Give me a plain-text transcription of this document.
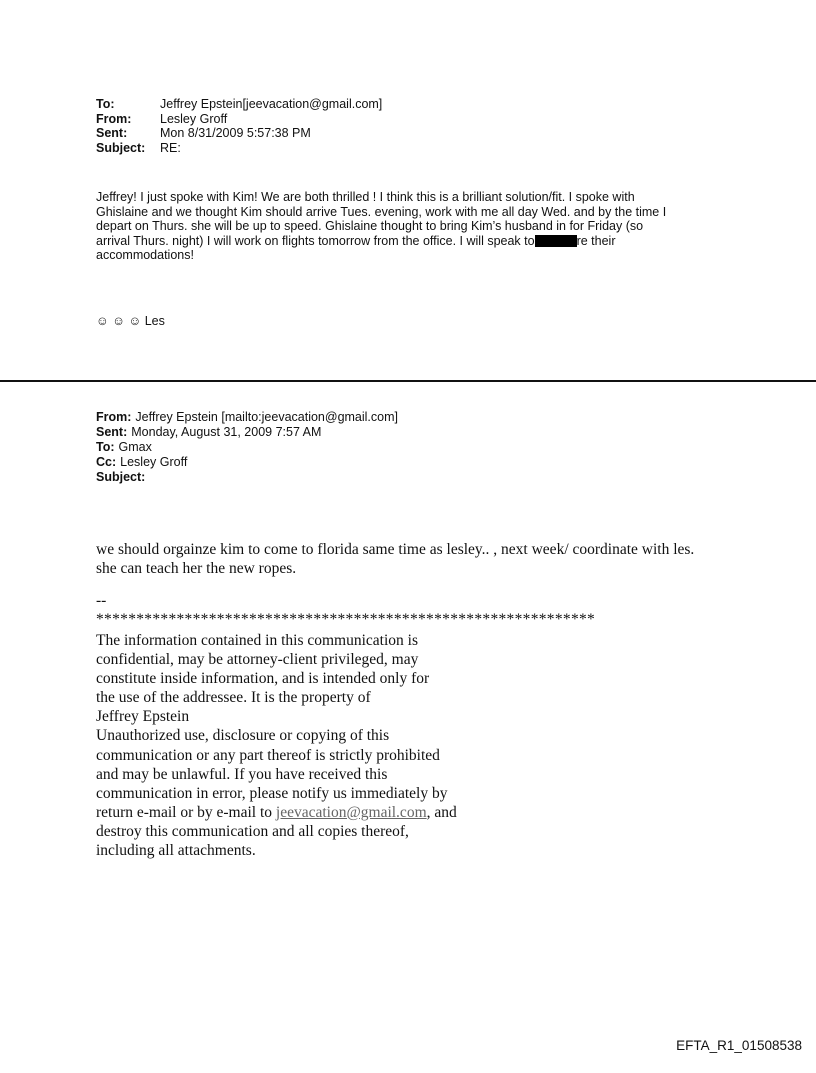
To:	Jeffrey Epstein[jeevacation@gmail.com]
From:	Lesley Groff
Sent:	Mon 8/31/2009 5:57:38 PM
Subject:	RE:

Jeffrey! I just spoke with Kim! We are both thrilled ! I think this is a brilliant solution/fit. I spoke with

Ghislaine and we thought Kim should arrive Tues. evening, work with me all day Wed. and by the time I

depart on Thurs. she will be up to speed. Ghislaine thought to bring Kim’s husband in for Friday (so

arrival Thurs. night) I will work on flights tomorrow from the office. I will speak to	re their

accommodations!

☺ ☺ ☺ Les
From: Jeffrey Epstein [mailto:jeevacation@gmail.com]
Sent: Monday, August 31, 2009 7:57 AM
To: Gmax
Cc: Lesley Groff
Subject:

we should orgainze kim to come to florida same time as lesley.. , next week/ coordinate with les.

she can teach her the new ropes.

--
**************************************************************

The information contained in this communication is

confidential, may be attorney-client privileged, may

constitute inside information, and is intended only for

the use of the addressee. It is the property of

Jeffrey Epstein

Unauthorized use, disclosure or copying of this

communication or any part thereof is strictly prohibited

and may be unlawful. If you have received this

communication in error, please notify us immediately by

return e-mail or by e-mail to jeevacation@gmail.com, and

destroy this communication and all copies thereof,

including all attachments.

EFTA_R1_01508538
